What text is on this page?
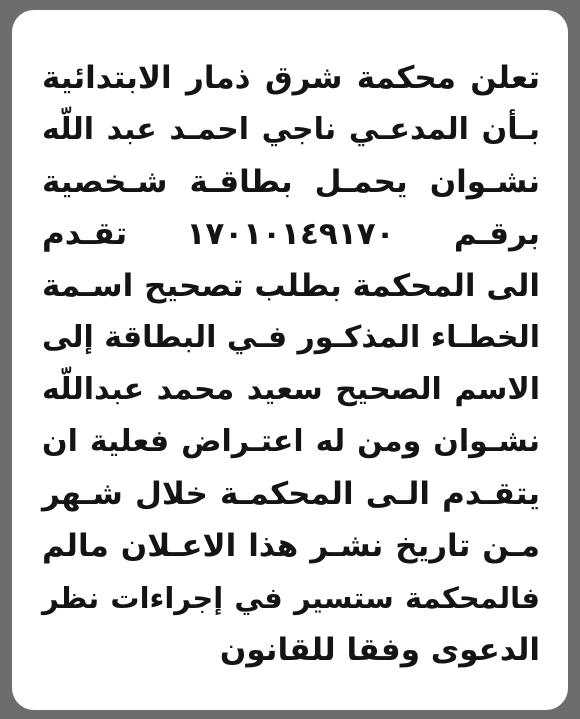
تعلن محكمة شرق ذمار الابتدائية
بـأن المدعـي ناجي احمـد عبد اللّه
نشـوان يحمـل بطاقـة شـخصية
برقـم ١٧٠١٠١٤٩١٧٠ تقـدم
الى المحكمة بطلب تصحيح اسـمة
الخطـاء المذكـور فـي البطاقة إلى
الاسم الصحيح سعيد محمد عبداللّه
نشـوان ومن له اعتـراض فعلية ان
يتقـدم الـى المحكمـة خلال شـهر
مـن تاريخ نشـر هذا الاعـلان مالم
فالمحكمة ستسير في إجراءات نظر
الدعوى وفقا للقانون
